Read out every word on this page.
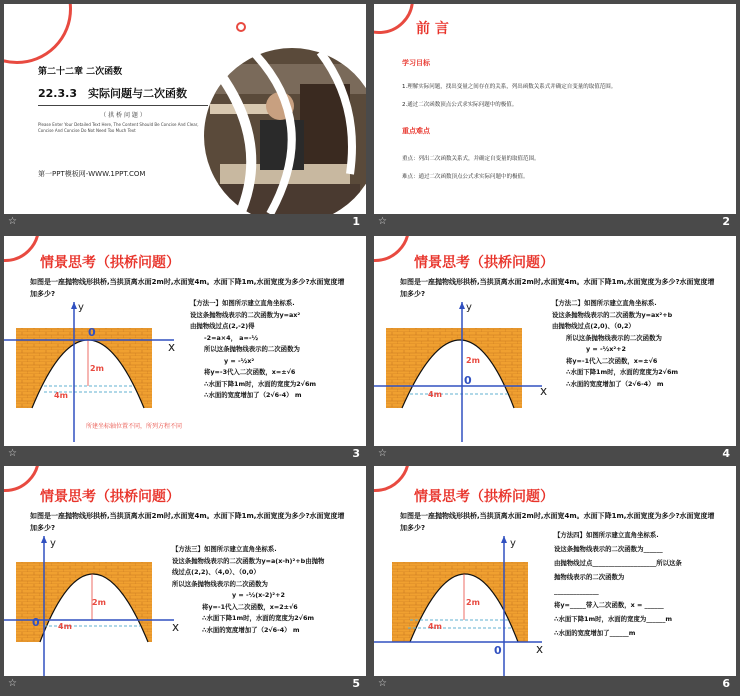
第二十二章 二次函数
22.3.3　实际问题与二次函数
（ 拱 桥 问 题 ）
Please Enter Your Detailed Text Here, The Content Should Be Concise And Clear, Concise And Concise Do Not Need Too Much Text
第一PPT模板网-WWW.1PPT.COM
☆	1
前 言
学习目标
1.理解实际问题，找出变量之间存在的关系，列出函数关系式并确定自变量的取值范围。
2.通过二次函数顶点公式求实际问题中的极值。
重点难点
重点：列出二次函数关系式，并确定自变量的取值范围。
难点：通过二次函数顶点公式求实际问题中的极值。
☆	2
情景思考（拱桥问题）
如图是一座抛物线形拱桥,当拱顶离水面2m时,水面宽4m。水面下降1m,水面宽度为多少?水面宽度增加多少?
y
x
0
2m
4m
所建坐标轴位置不同，所列方程不同
【方法一】如图所示建立直角坐标系.
设这条抛物线表示的二次函数为y=ax²
由抛物线过点(2,-2)得
-2=a×4， a=-½
所以这条抛物线表示的二次函数为
y = -½x²
将y=-3代入二次函数，x=±√6
∴水面下降1m时，水面的宽度为2√6m
∴水面的宽度增加了（2√6-4） m
☆	3
情景思考（拱桥问题）
如图是一座抛物线形拱桥,当拱顶离水面2m时,水面宽4m。水面下降1m,水面宽度为多少?水面宽度增加多少?
y
x
0
2m
4m
【方法二】如图所示建立直角坐标系.
设这条抛物线表示的二次函数为y=ax²+b
由抛物线过点(2,0)、（0,2）
所以这条抛物线表示的二次函数为
y = -½x²+2
将y=-1代入二次函数，x=±√6
∴水面下降1m时，水面的宽度为2√6m
∴水面的宽度增加了（2√6-4） m
☆	4
情景思考（拱桥问题）
如图是一座抛物线形拱桥,当拱顶离水面2m时,水面宽4m。水面下降1m,水面宽度为多少?水面宽度增加多少?
y
x
0
2m
4m
【方法三】如图所示建立直角坐标系.
设这条抛物线表示的二次函数为y=a(x-h)²+b由抛物
线过点(2,2)、（4,0）、（0,0）
所以这条抛物线表示的二次函数为
y = -½(x-2)²+2
将y=-1代入二次函数，x=2±√6
∴水面下降1m时，水面的宽度为2√6m
∴水面的宽度增加了（2√6-4） m
☆	5
情景思考（拱桥问题）
如图是一座抛物线形拱桥,当拱顶离水面2m时,水面宽4m。水面下降1m,水面宽度为多少?水面宽度增加多少?
y
x
0
2m
4m
【方法四】如图所示建立直角坐标系.
设这条抛物线表示的二次函数为______
由抛物线过点____________________所以这条
抛物线表示的二次函数为
______________
将y=_____带入二次函数，x = ______
∴水面下降1m时，水面的宽度为______m
∴水面的宽度增加了______m
☆	6
